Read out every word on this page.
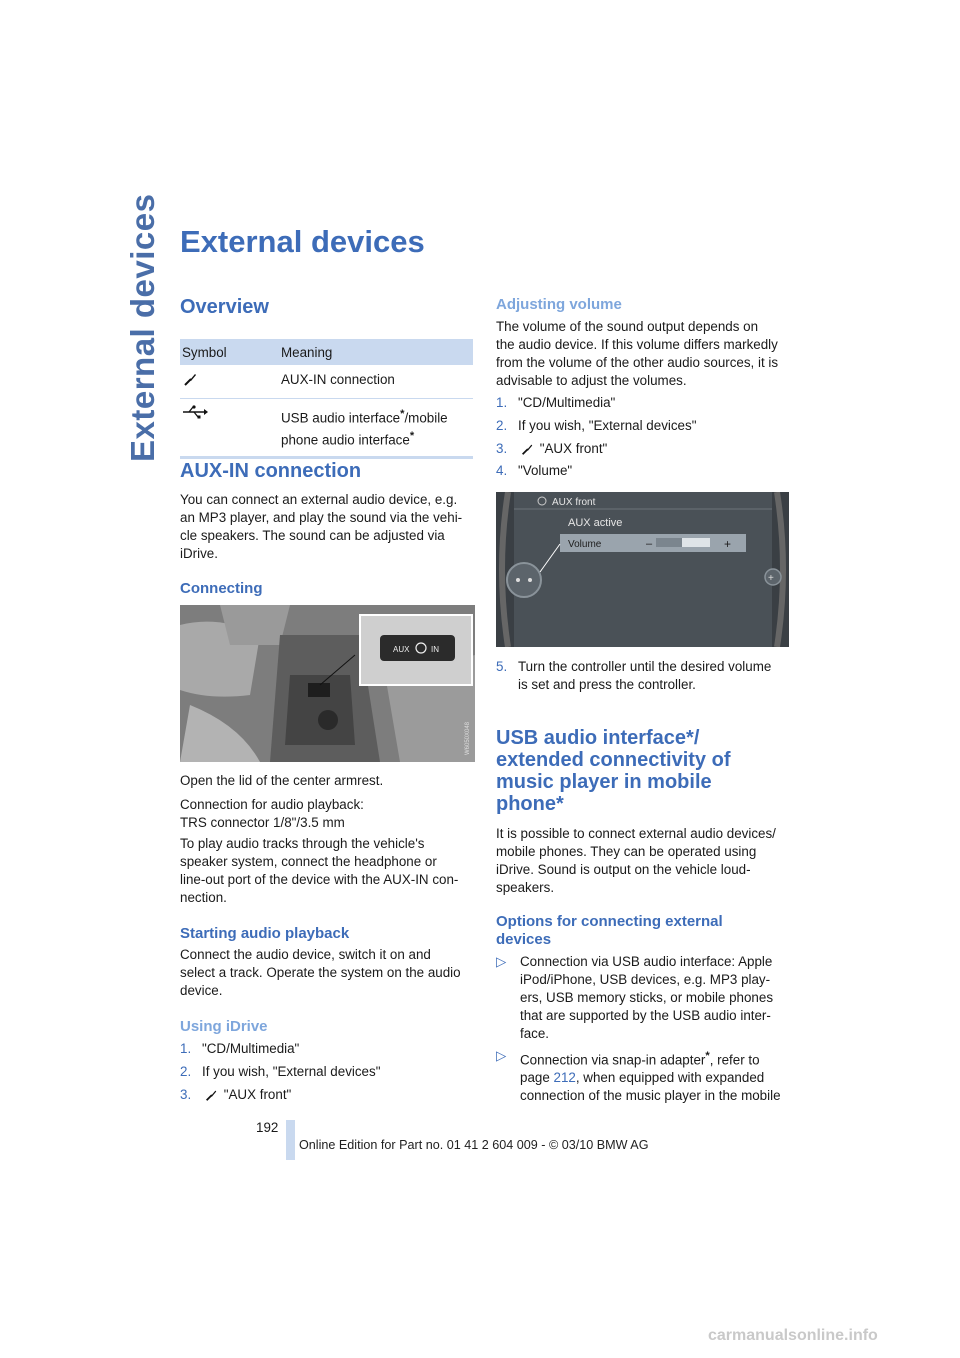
External devices External devices
Overview
Symbol	Meaning
	AUX-IN connection
	USB audio interface*/mobile
phone audio interface*
AUX-IN connection
You can connect an external audio device, e.g.
an MP3 player, and play the sound via the vehi-
cle speakers. The sound can be adjusted via
iDrive.
Connecting
AUX	IN
W6050X048
Open the lid of the center armrest.
Connection for audio playback:
TRS connector 1/8"/3.5 mm
To play audio tracks through the vehicle's
speaker system, connect the headphone or
line-out port of the device with the AUX-IN con-
nection.
Starting audio playback
Connect the audio device, switch it on and
select a track. Operate the system on the audio
device.
Using iDrive
1. "CD/Multimedia"
2. If you wish, "External devices"
3. "AUX front"
Adjusting volume
The volume of the sound output depends on
the audio device. If this volume differs markedly
from the volume of the other audio sources, it is
advisable to adjust the volumes.
1. "CD/Multimedia"
2. If you wish, "External devices"
3. "AUX front"
4. "Volume"
AUX front
AUX active
Volume	–	+
+
5. Turn the controller until the desired volume
is set and press the controller.
USB audio interface*/
extended connectivity of
music player in mobile
phone*
It is possible to connect external audio devices/
mobile phones. They can be operated using
iDrive. Sound is output on the vehicle loud-
speakers.
Options for connecting external
devices
▷ Connection via USB audio interface: Apple
iPod/iPhone, USB devices, e.g. MP3 play-
ers, USB memory sticks, or mobile phones
that are supported by the USB audio inter-
face.
▷ Connection via snap-in adapter*, refer to
page 212, when equipped with expanded
connection of the music player in the mobile
192
Online Edition for Part no. 01 41 2 604 009 - © 03/10 BMW AG
carmanualsonline.info
